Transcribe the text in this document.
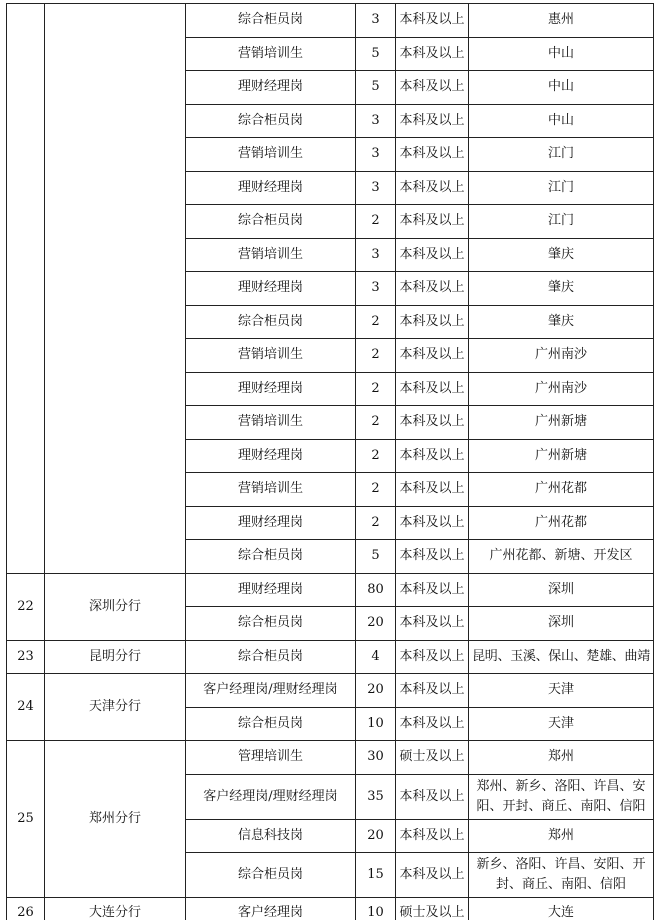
		综合柜员岗	3	本科及以上	惠州
		营销培训生	5	本科及以上	中山
		理财经理岗	5	本科及以上	中山
		综合柜员岗	3	本科及以上	中山
		营销培训生	3	本科及以上	江门
		理财经理岗	3	本科及以上	江门
		综合柜员岗	2	本科及以上	江门
		营销培训生	3	本科及以上	肇庆
		理财经理岗	3	本科及以上	肇庆
		综合柜员岗	2	本科及以上	肇庆
		营销培训生	2	本科及以上	广州南沙
		理财经理岗	2	本科及以上	广州南沙
		营销培训生	2	本科及以上	广州新塘
		理财经理岗	2	本科及以上	广州新塘
		营销培训生	2	本科及以上	广州花都
		理财经理岗	2	本科及以上	广州花都
		综合柜员岗	5	本科及以上	广州花都、新塘、开发区
22	深圳分行	理财经理岗	80	本科及以上	深圳
		综合柜员岗	20	本科及以上	深圳
23	昆明分行	综合柜员岗	4	本科及以上	昆明、玉溪、保山、楚雄、曲靖
24	天津分行	客户经理岗/理财经理岗	20	本科及以上	天津
		综合柜员岗	10	本科及以上	天津
25	郑州分行	管理培训生	30	硕士及以上	郑州
		客户经理岗/理财经理岗	35	本科及以上	郑州、新乡、洛阳、许昌、安阳、开封、商丘、南阳、信阳
		信息科技岗	20	本科及以上	郑州
		综合柜员岗	15	本科及以上	新乡、洛阳、许昌、安阳、开封、商丘、南阳、信阳
26	大连分行	客户经理岗	10	硕士及以上	大连
